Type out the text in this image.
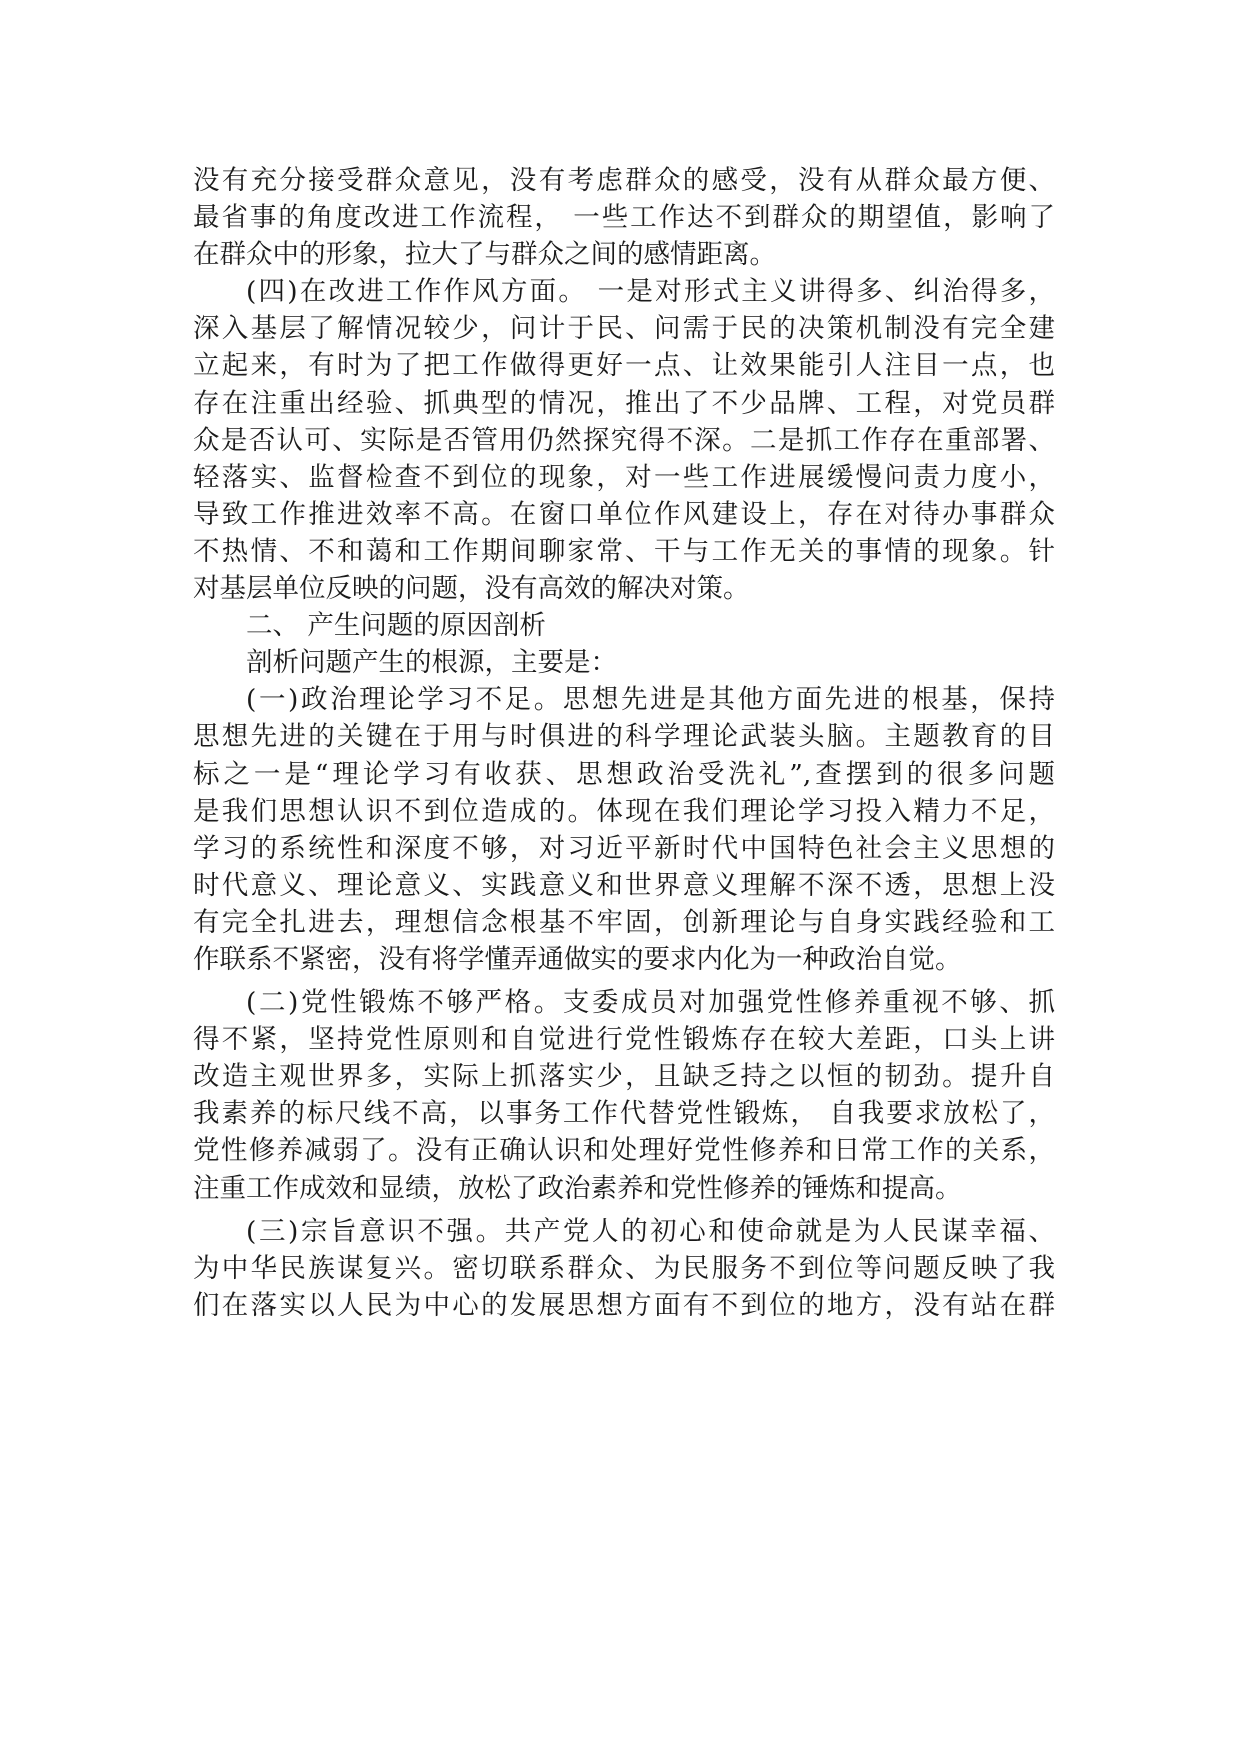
没有充分接受群众意见，没有考虑群众的感受，没有从群众最方便、
最省事的角度改进工作流程， 一些工作达不到群众的期望值，影响了
在群众中的形象，拉大了与群众之间的感情距离。
(四)在改进工作作风方面。 一是对形式主义讲得多、纠治得多，
深入基层了解情况较少，问计于民、问需于民的决策机制没有完全建
立起来，有时为了把工作做得更好一点、让效果能引人注目一点，也
存在注重出经验、抓典型的情况，推出了不少品牌、工程，对党员群
众是否认可、实际是否管用仍然探究得不深。二是抓工作存在重部署、
轻落实、监督检查不到位的现象，对一些工作进展缓慢问责力度小，
导致工作推进效率不高。在窗口单位作风建设上，存在对待办事群众
不热情、不和蔼和工作期间聊家常、干与工作无关的事情的现象。针
对基层单位反映的问题，没有高效的解决对策。
二、 产生问题的原因剖析
剖析问题产生的根源，主要是：
(一)政治理论学习不足。思想先进是其他方面先进的根基，保持
思想先进的关键在于用与时俱进的科学理论武装头脑。主题教育的目
标之一是“理论学习有收获、思想政治受洗礼”,查摆到的很多问题
是我们思想认识不到位造成的。体现在我们理论学习投入精力不足，
学习的系统性和深度不够，对习近平新时代中国特色社会主义思想的
时代意义、理论意义、实践意义和世界意义理解不深不透，思想上没
有完全扎进去，理想信念根基不牢固，创新理论与自身实践经验和工
作联系不紧密，没有将学懂弄通做实的要求内化为一种政治自觉。
(二)党性锻炼不够严格。支委成员对加强党性修养重视不够、抓
得不紧，坚持党性原则和自觉进行党性锻炼存在较大差距，口头上讲
改造主观世界多，实际上抓落实少，且缺乏持之以恒的韧劲。提升自
我素养的标尺线不高，以事务工作代替党性锻炼， 自我要求放松了，
党性修养减弱了。没有正确认识和处理好党性修养和日常工作的关系，
注重工作成效和显绩，放松了政治素养和党性修养的锤炼和提高。
(三)宗旨意识不强。共产党人的初心和使命就是为人民谋幸福、
为中华民族谋复兴。密切联系群众、为民服务不到位等问题反映了我
们在落实以人民为中心的发展思想方面有不到位的地方，没有站在群
